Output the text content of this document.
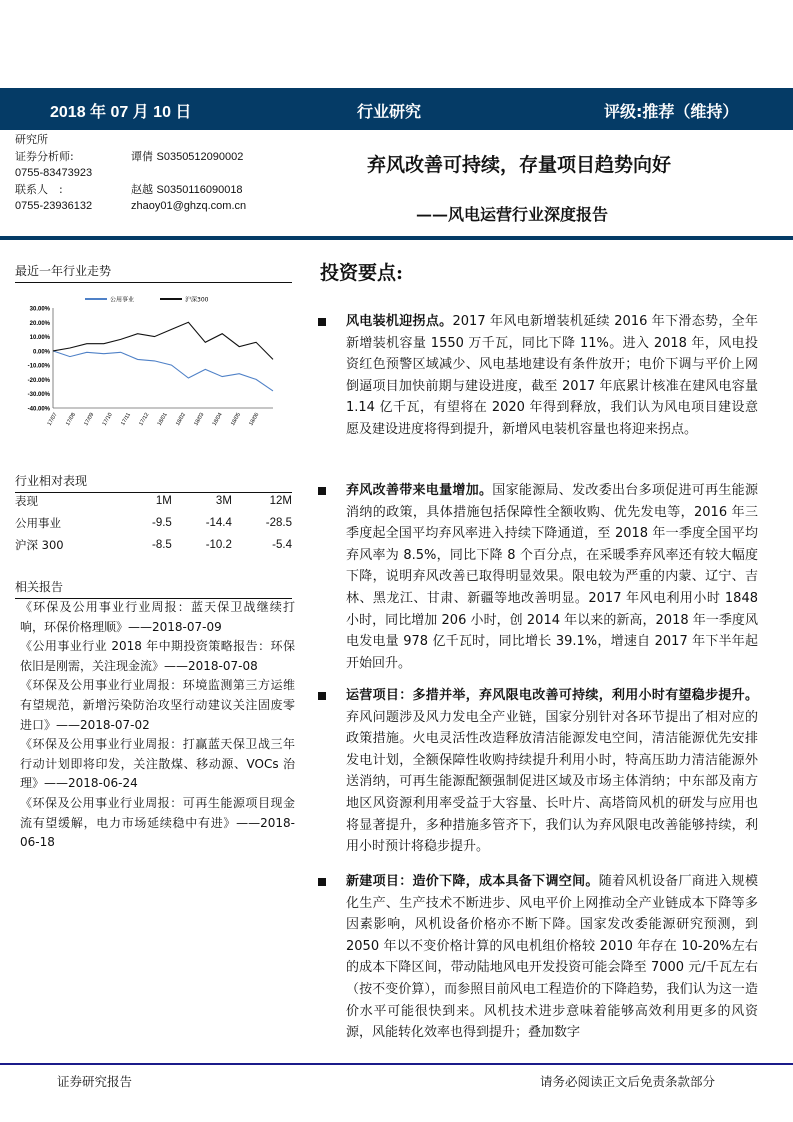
2018 年 07 月 10 日	行业研究	评级:推荐（维持）
研究所
证券分析师:	谭倩 S0350512090002
0755-83473923
联系人　:	赵越 S0350116090018
0755-23936132	zhaoy01@ghzq.com.cn
弃风改善可持续，存量项目趋势向好
——风电运营行业深度报告
最近一年行业走势
30.00%
20.00%
10.00%
0.00%
-10.00%
-20.00%
-30.00%
-40.00%
17/07 17/08 17/09 17/10 17/11 17/12 18/01 18/02 18/03 18/04 18/05 18/06
公用事业	沪深300
行业相对表现
表现	1M	3M	12M
公用事业	-9.5	-14.4	-28.5
沪深 300	-8.5	-10.2	-5.4
相关报告
《环保及公用事业行业周报：蓝天保卫战继续打响，环保价格理顺》——2018-07-09
《公用事业行业 2018 年中期投资策略报告：环保依旧是刚需，关注现金流》——2018-07-08
《环保及公用事业行业周报：环境监测第三方运维有望规范，新增污染防治攻坚行动建议关注固废零进口》——2018-07-02
《环保及公用事业行业周报：打赢蓝天保卫战三年行动计划即将印发，关注散煤、移动源、VOCs 治理》——2018-06-24
《环保及公用事业行业周报：可再生能源项目现金流有望缓解，电力市场延续稳中有进》——2018-06-18
投资要点:
风电装机迎拐点。2017 年风电新增装机延续 2016 年下滑态势，全年新增装机容量 1550 万千瓦，同比下降 11%。进入 2018 年，风电投资红色预警区域减少、风电基地建设有条件放开；电价下调与平价上网倒逼项目加快前期与建设进度，截至 2017 年底累计核准在建风电容量 1.14 亿千瓦，有望将在 2020 年得到释放，我们认为风电项目建设意愿及建设进度将得到提升，新增风电装机容量也将迎来拐点。
弃风改善带来电量增加。国家能源局、发改委出台多项促进可再生能源消纳的政策，具体措施包括保障性全额收购、优先发电等，2016 年三季度起全国平均弃风率进入持续下降通道，至 2018 年一季度全国平均弃风率为 8.5%，同比下降 8 个百分点，在采暖季弃风率还有较大幅度下降，说明弃风改善已取得明显效果。限电较为严重的内蒙、辽宁、吉林、黑龙江、甘肃、新疆等地改善明显。2017 年风电利用小时 1848 小时，同比增加 206 小时，创 2014 年以来的新高，2018 年一季度风电发电量 978 亿千瓦时，同比增长 39.1%，增速自 2017 年下半年起开始回升。
运营项目：多措并举，弃风限电改善可持续，利用小时有望稳步提升。弃风问题涉及风力发电全产业链，国家分别针对各环节提出了相对应的政策措施。火电灵活性改造释放清洁能源发电空间，清洁能源优先安排发电计划，全额保障性收购持续提升利用小时，特高压助力清洁能源外送消纳，可再生能源配额强制促进区域及市场主体消纳；中东部及南方地区风资源利用率受益于大容量、长叶片、高塔筒风机的研发与应用也将显著提升，多种措施多管齐下，我们认为弃风限电改善能够持续，利用小时预计将稳步提升。
新建项目：造价下降，成本具备下调空间。随着风机设备厂商进入规模化生产、生产技术不断进步、风电平价上网推动全产业链成本下降等多因素影响，风机设备价格亦不断下降。国家发改委能源研究预测，到 2050 年以不变价格计算的风电机组价格较 2010 年存在 10-20%左右的成本下降区间，带动陆地风电开发投资可能会降至 7000 元/千瓦左右（按不变价算），而参照目前风电工程造价的下降趋势，我们认为这一造价水平可能很快到来。风机技术进步意味着能够高效利用更多的风资源，风能转化效率也得到提升；叠加数字
证券研究报告	请务必阅读正文后免责条款部分
